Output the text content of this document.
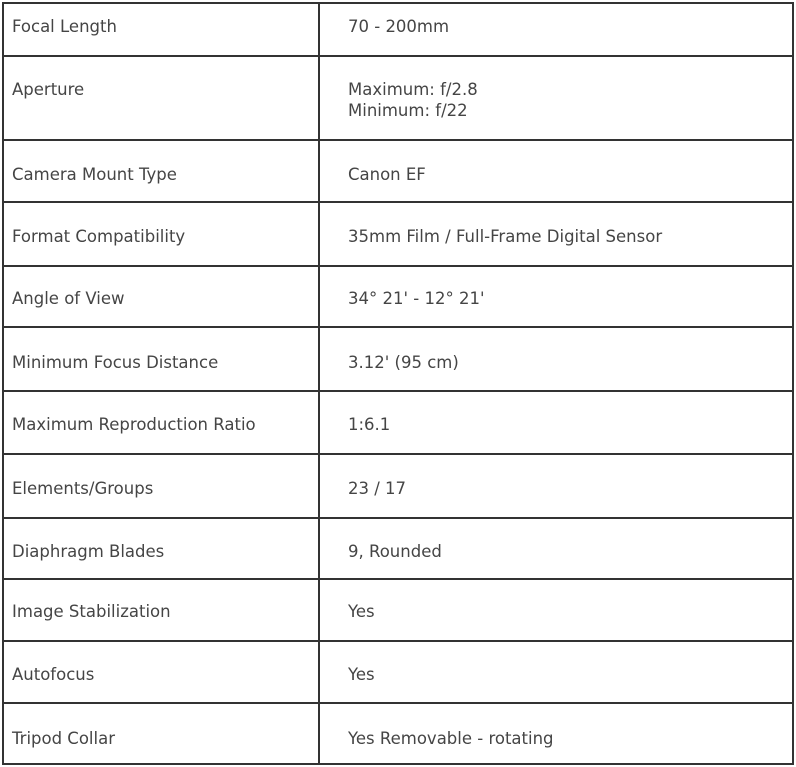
Focal Length	70 - 200mm

Aperture	Maximum: f/2.8
Minimum: f/22

Camera Mount Type	Canon EF

Format Compatibility	35mm Film / Full-Frame Digital Sensor

Angle of View	34° 21' - 12° 21'

Minimum Focus Distance	3.12' (95 cm)

Maximum Reproduction Ratio	1:6.1

Elements/Groups	23 / 17

Diaphragm Blades	9, Rounded

Image Stabilization	Yes

Autofocus	Yes

Tripod Collar	Yes Removable - rotating
